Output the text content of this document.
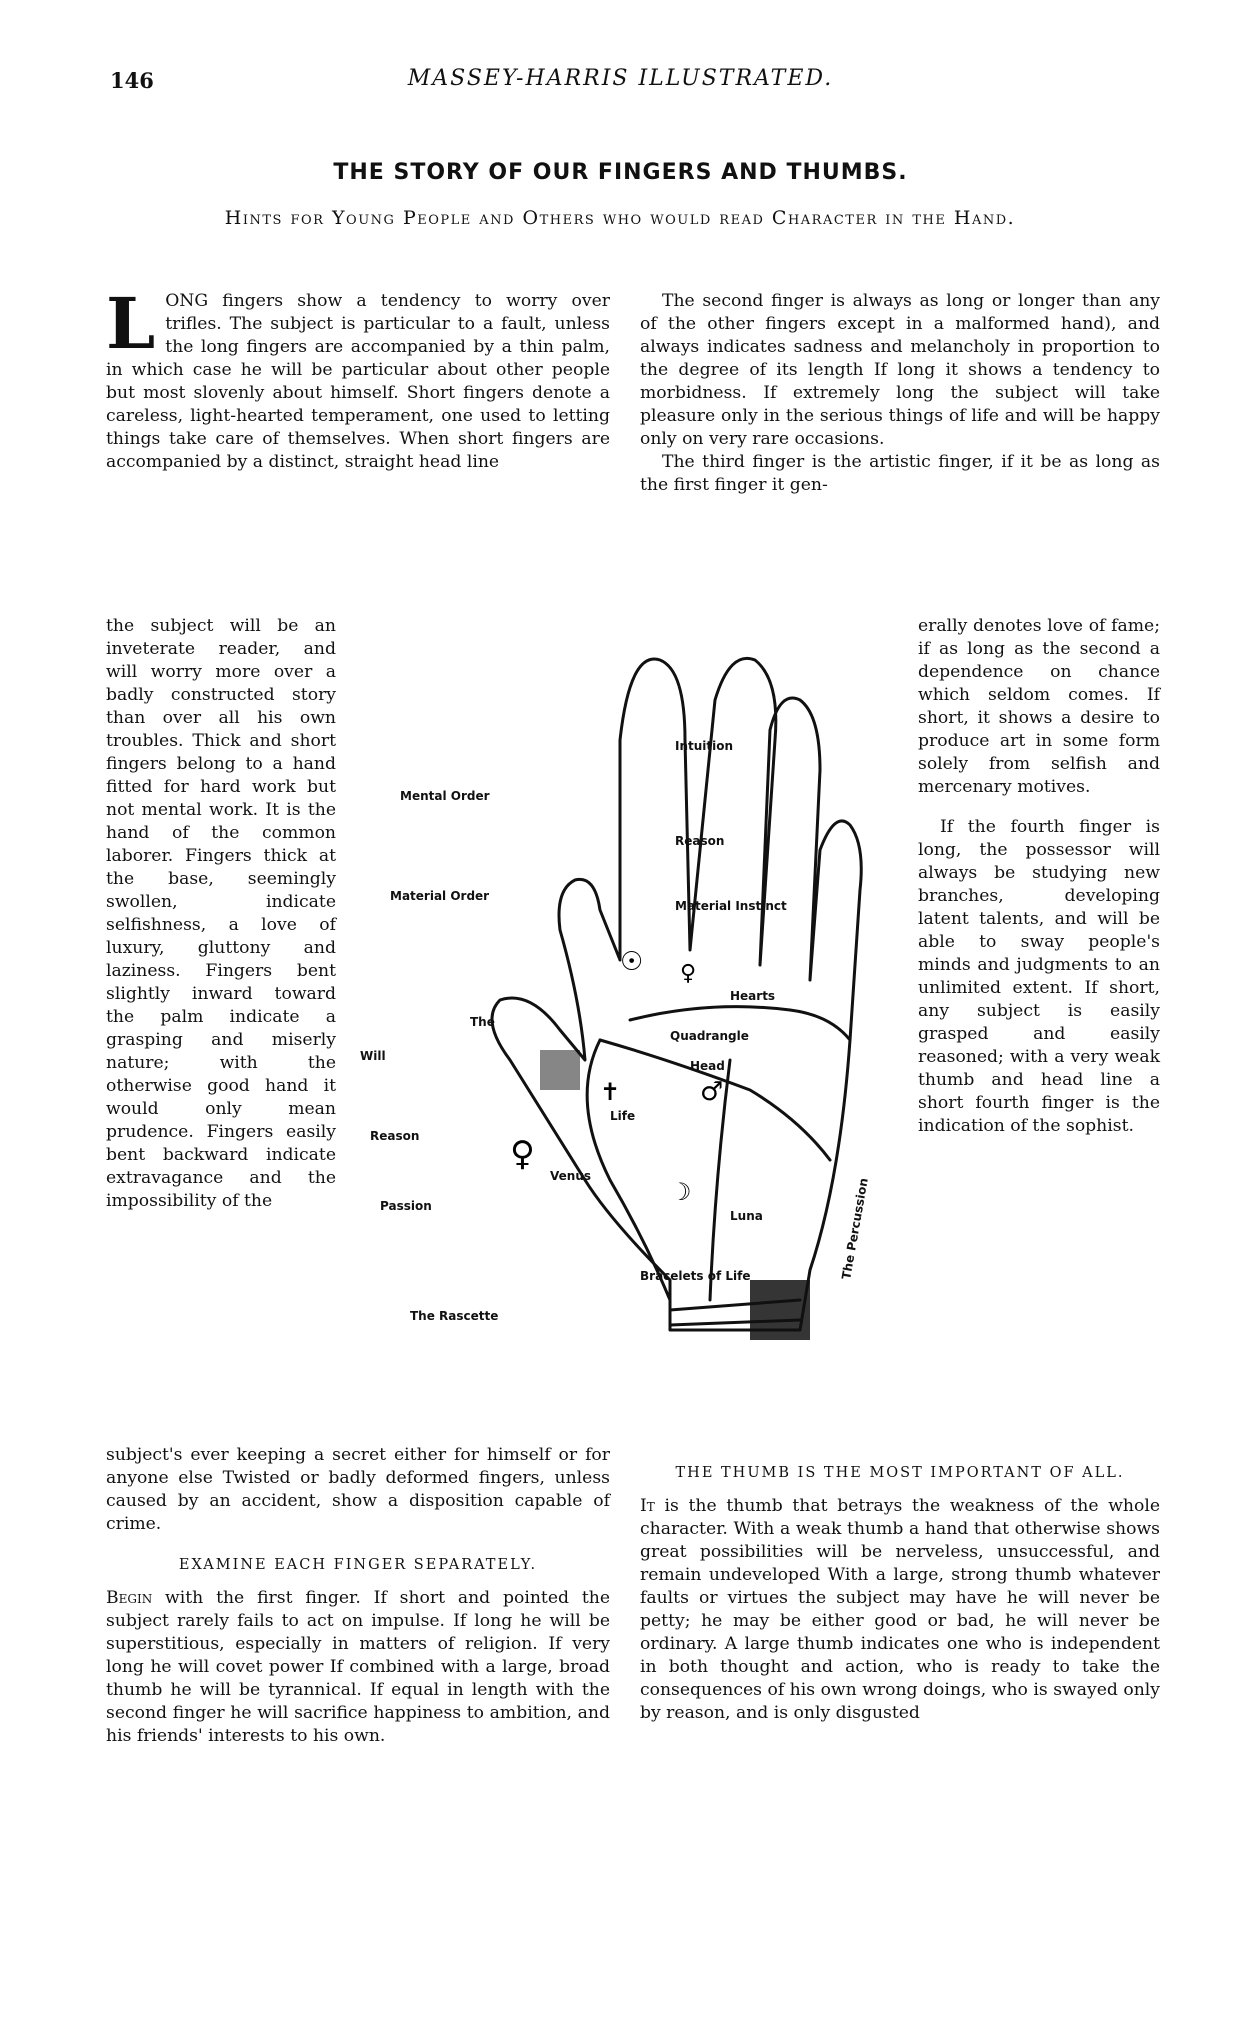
146	MASSEY-HARRIS ILLUSTRATED.
THE STORY OF OUR FINGERS AND THUMBS.
Hints for Young People and Others who would read Character in the Hand.
L ONG fingers show a tendency to worry over trifles. The subject is particular to a fault, unless the long fingers are accompanied by a thin palm, in which case he will be particular about other people but most slovenly about himself. Short fingers denote a careless, light-hearted temperament, one used to letting things take care of themselves. When short fingers are accompanied by a distinct, straight head line

the subject will be an inveterate reader, and will worry more over a badly constructed story than over all his own troubles. Thick and short fingers belong to a hand fitted for hard work but not mental work. It is the hand of the common laborer. Fingers thick at the base, seemingly swollen, indicate selfishness, a love of luxury, gluttony and laziness. Fingers bent slightly inward toward the palm indicate a grasping and miserly nature; with the otherwise good hand it would only mean prudence. Fingers easily bent backward indicate extravagance and the impossibility of the

subject's ever keeping a secret either for himself or for anyone else Twisted or badly deformed fingers, unless caused by an accident, show a disposition capable of crime.

EXAMINE EACH FINGER SEPARATELY.

Begin with the first finger. If short and pointed the subject rarely fails to act on impulse. If long he will be superstitious, especially in matters of religion. If very long he will covet power If combined with a large, broad thumb he will be tyrannical. If equal in length with the second finger he will sacrifice happiness to ambition, and his friends' interests to his own.

The second finger is always as long or longer than any of the other fingers except in a malformed hand), and always indicates sadness and melancholy in proportion to the degree of its length If long it shows a tendency to morbidness. If extremely long the subject will take pleasure only in the serious things of life and will be happy only on very rare occasions.

The third finger is the artistic finger, if it be as long as the first finger it gen-

erally denotes love of fame; if as long as the second a dependence on chance which seldom comes. If short, it shows a desire to produce art in some form solely from selfish and mercenary motives.

If the fourth finger is long, the possessor will always be studying new branches, developing latent talents, and will be able to sway people's minds and judgments to an unlimited extent. If short, any subject is easily grasped and easily reasoned; with a very weak thumb and head line a short fourth finger is the indication of the sophist.

THE THUMB IS THE MOST IMPORTANT OF ALL.

It is the thumb that betrays the weakness of the whole character. With a weak thumb a hand that otherwise shows great possibilities will be nerveless, unsuccessful, and remain undeveloped With a large, strong thumb whatever faults or virtues the subject may have he will never be petty; he may be either good or bad, he will never be ordinary. A large thumb indicates one who is independent in both thought and action, who is ready to take the consequences of his own wrong doings, who is swayed only by reason, and is only disgusted

Mental Order
Material Order
Intuition
Reason
Material Instinct
The
Will
Reason
Passion
Venus
The Rascette
Hearts
Bracelets of Life
Quadrangle
Luna
Life
Head
The Percussion
♀
♀
☉
♂
☽
✝
